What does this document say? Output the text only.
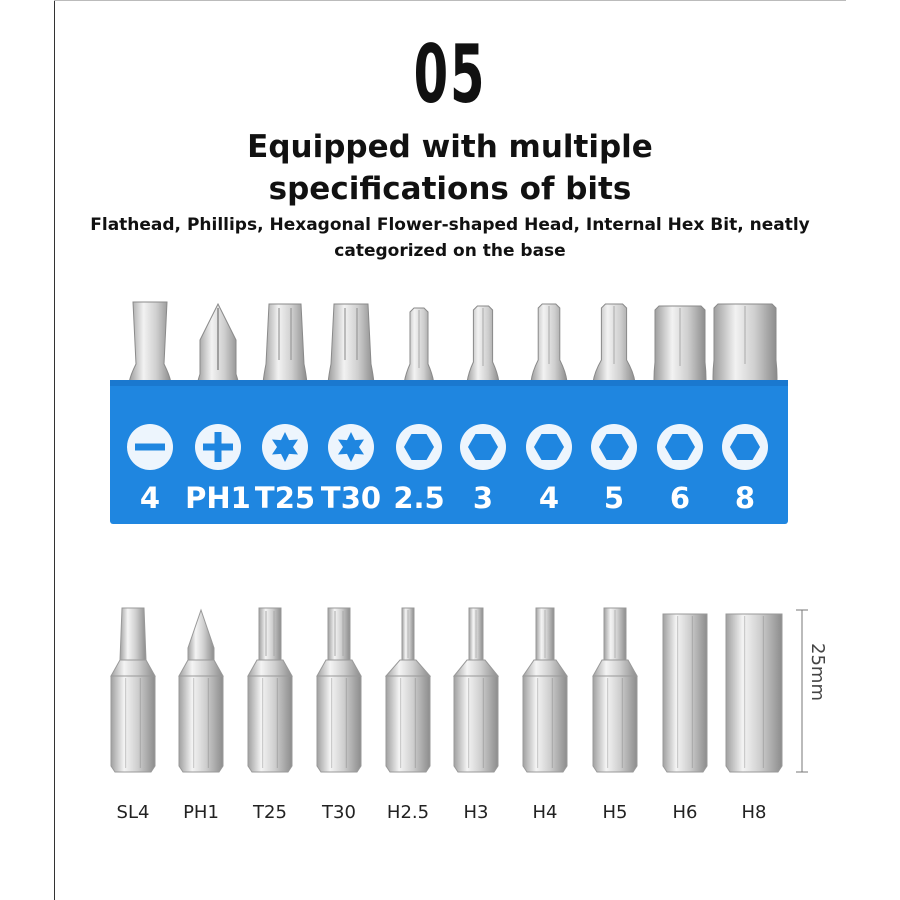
05
Equipped with multiple
specifications of bits
Flathead, Phillips, Hexagonal Flower-shaped Head, Internal Hex Bit, neatly
categorized on the base
4 PH1 T25 T30 2.5 3 4 5 6 8
25mm
SL4	PH1	T25	T30	H2.5	H3	H4	H5	H6	H8
